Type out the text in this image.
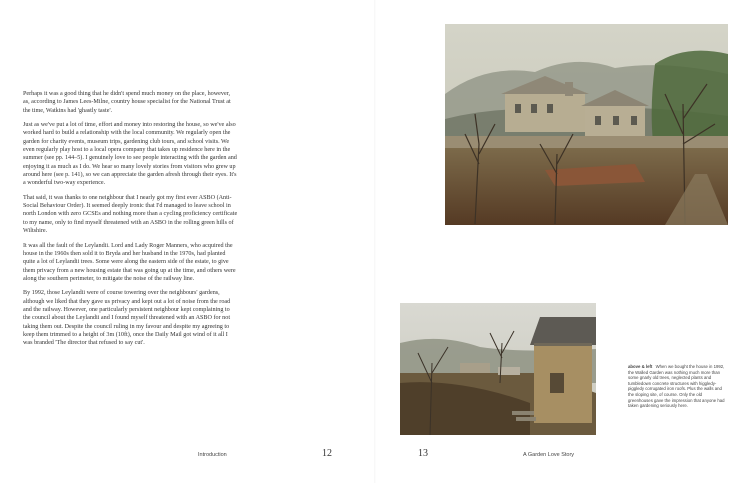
Perhaps it was a good thing that he didn't spend much money on the place, however, as, according to James Lees-Milne, country house specialist for the National Trust at the time, Watkins had 'ghastly taste'.

Just as we've put a lot of time, effort and money into restoring the house, so we've also worked hard to build a relationship with the local community. We regularly open the garden for charity events, museum trips, gardening club tours, and school visits. We even regularly play host to a local opera company that takes up residence here in the summer (see pp. 144–5). I genuinely love to see people interacting with the garden and enjoying it as much as I do. We hear so many lovely stories from visitors who grew up around here (see p. 141), so we can appreciate the garden afresh through their eyes. It's a wonderful two-way experience.

That said, it was thanks to one neighbour that I nearly got my first ever ASBO (Anti-Social Behaviour Order). It seemed deeply ironic that I'd managed to leave school in north London with zero GCSEs and nothing more than a cycling proficiency certificate to my name, only to find myself threatened with an ASBO in the rolling green hills of Wiltshire.

It was all the fault of the Leylandii. Lord and Lady Roger Manners, who acquired the house in the 1960s then sold it to Bryda and her husband in the 1970s, had planted quite a lot of Leylandii trees. Some were along the eastern side of the estate, to give them privacy from a new housing estate that was going up at the time, and others were along the southern perimeter, to mitigate the noise of the railway line.

By 1992, those Leylandii were of course towering over the neighbours' gardens, although we liked that they gave us privacy and kept out a lot of noise from the road and the railway. However, one particularly persistent neighbour kept complaining to the council about the Leylandii and I found myself threatened with an ASBO for not taking them out. Despite the council ruling in my favour and despite my agreeing to keep them trimmed to a height of 3m (10ft), once the Daily Mail got wind of it all I was branded 'The director that refused to say cut'.

Introduction	12	13	A Garden Love Story
above & left When we bought the house in 1992, the Walled Garden was nothing much more than some gnarly old trees, neglected plants and tumbledown concrete structures with higgledy-piggledy corrugated iron roofs. Plus the walls and the sloping site, of course. Only the old greenhouses gave the impression that anyone had taken gardening seriously here.
